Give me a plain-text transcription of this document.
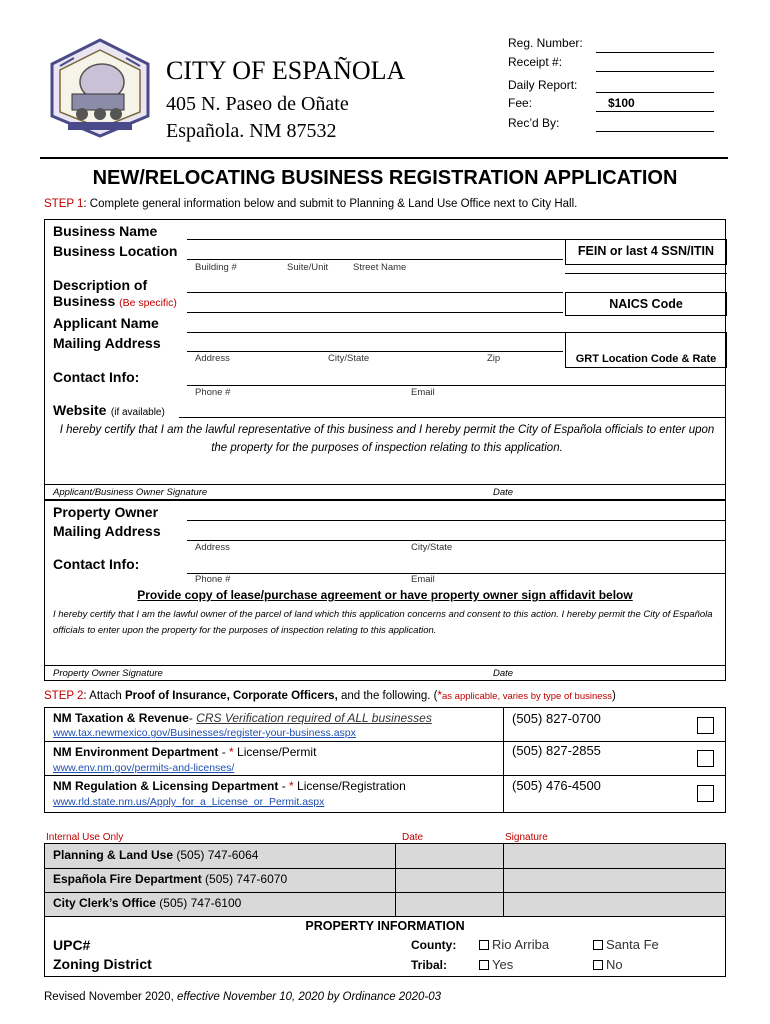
CITY OF ESPAÑOLA
405 N. Paseo de Oñate
Española. NM 87532
Reg. Number:
Receipt #:
Daily Report:
Fee:	$100
Rec’d By:
NEW/RELOCATING BUSINESS REGISTRATION APPLICATION
STEP 1: Complete general information below and submit to Planning & Land Use Office next to City Hall.
Business Name
Business Location	FEIN or last 4 SSN/ITIN
Building #	Suite/Unit	Street Name
Description of
Business (Be specific)	NAICS Code
Applicant Name
Mailing Address
GRT Location Code & Rate
Address	City/State	Zip
Contact Info:
Phone #	Email
Website (if available)
I hereby certify that I am the lawful representative of this business and I hereby permit the City of Española officials to enter upon the property for the purposes of inspection relating to this application.
Applicant/Business Owner Signature	Date
Property Owner
Mailing Address
Address	City/State
Contact Info:
Phone #	Email
Provide copy of lease/purchase agreement or have property owner sign affidavit below
I hereby certify that I am the lawful owner of the parcel of land which this application concerns and consent to this action. I hereby permit the City of Española officials to enter upon the property for the purposes of inspection relating to this application.
Property Owner Signature	Date
STEP 2: Attach Proof of Insurance, Corporate Officers, and the following. (*as applicable, varies by type of business)
NM Taxation & Revenue- CRS Verification required of ALL businesses
www.tax.newmexico.gov/Businesses/register-your-business.aspx
(505) 827-0700
NM Environment Department - * License/Permit
www.env.nm.gov/permits-and-licenses/
(505) 827-2855
NM Regulation & Licensing Department - * License/Registration
www.rld.state.nm.us/Apply_for_a_License_or_Permit.aspx
(505) 476-4500
Internal Use Only	Date	Signature
Planning & Land Use (505) 747-6064
Española Fire Department (505) 747-6070
City Clerk’s Office (505) 747-6100
PROPERTY INFORMATION
UPC#
Zoning District
County:
Tribal:
Rio Arriba	Santa Fe
Yes	No
Revised November 2020, effective November 10, 2020 by Ordinance 2020-03
